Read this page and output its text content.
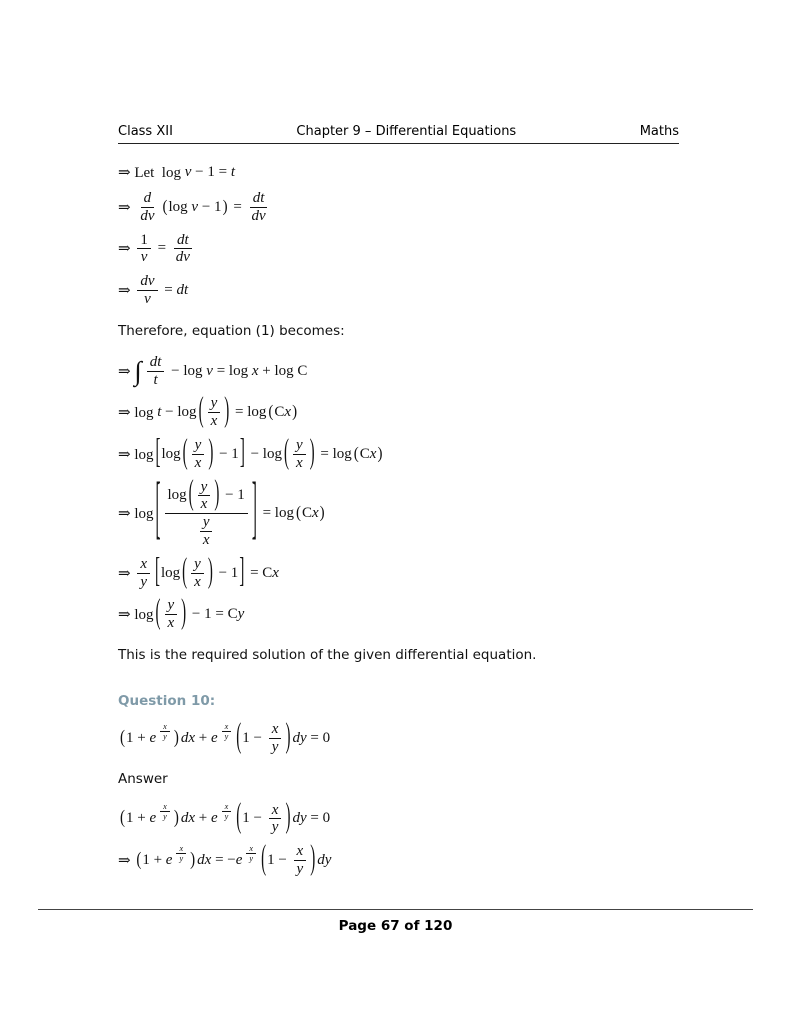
Class XII	Chapter 9 – Differential Equations	Maths
⇒ Let  log v − 1 = t
⇒ $\frac{d}{dv}$ ( log v − 1 ) = $\frac{dt}{dv}$
⇒ $\frac{1}{v} = \frac{dt}{dv}$
⇒ $\frac{dv}{v}$ = dt

Therefore, equation (1) becomes:

⇒ ∫ $\frac{dt}{t} - \log v = \log x + \log C$
⇒ log t − log ( $\frac{y}{x}$ ) = log ( C x )
⇒ log [ log ( $\frac{y}{x}$ ) − 1 ] − log ( $\frac{y}{x}$ ) = log ( C x )
⇒ log [ $\frac{\log ( \frac{y}{x} ) - 1}{\frac{y}{x}}$ ] = log ( C x )
⇒ $\frac{x}{y}$ [ log ( $\frac{y}{x}$ ) − 1 ] = C x
⇒ log ( $\frac{y}{x}$ ) − 1 = C y

This is the required solution of the given differential equation.

Question 10:
( 1 + e $\frac{x}{y}$ ) dx + e $\frac{x}{y}$ ( $1 - \frac{x}{y}$ ) dy = 0

Answer

( 1 + e $\frac{x}{y}$ ) dx + e $\frac{x}{y}$ ( $1 - \frac{x}{y}$ ) dy = 0
⇒ ( 1 + e $\frac{x}{y}$ ) dx = − e $\frac{x}{y}$ ( $1 - \frac{x}{y}$ ) dy
Page 67 of 120
